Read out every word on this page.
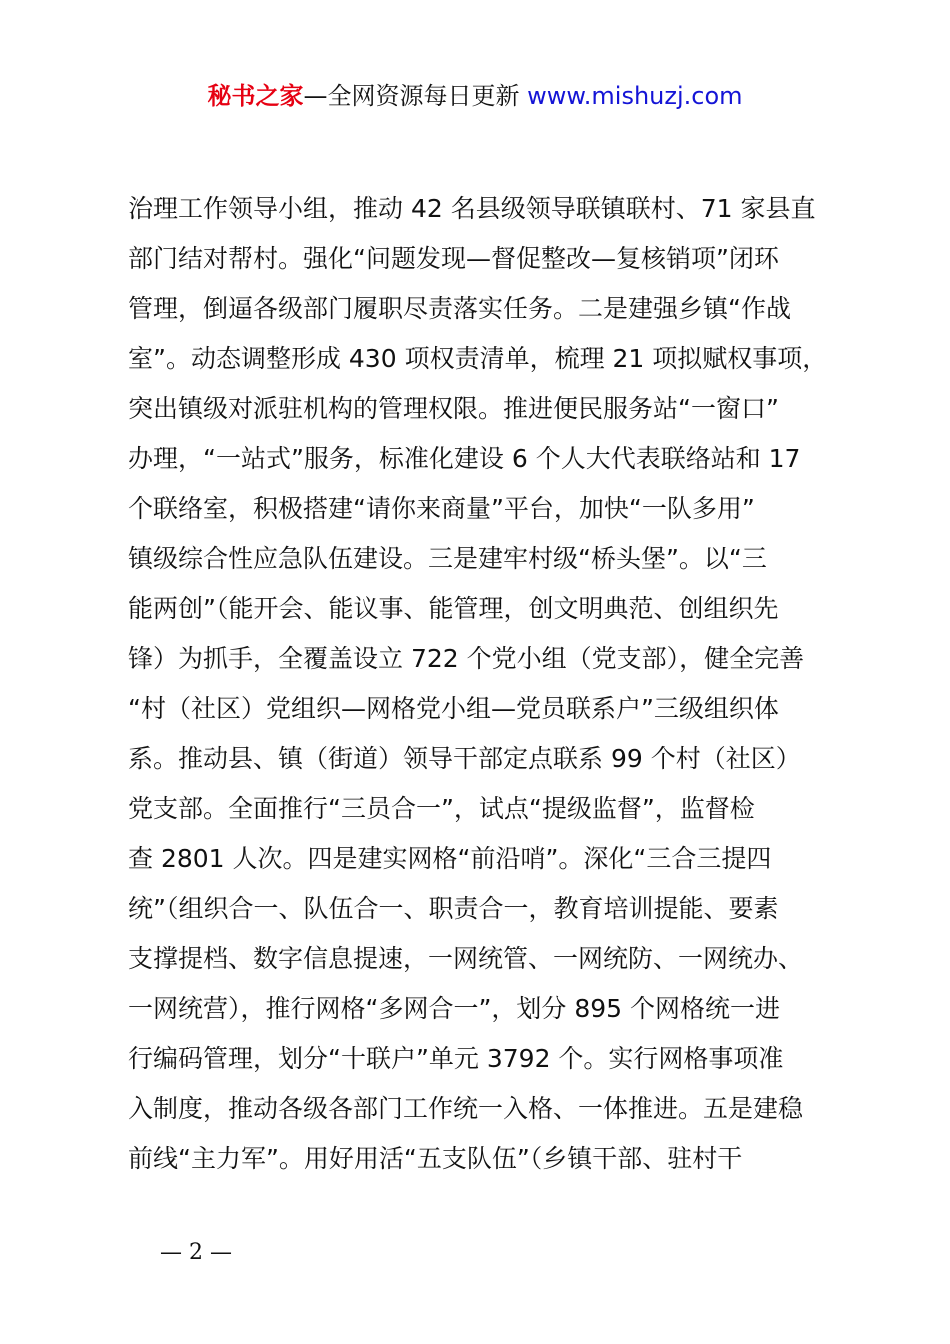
秘书之家—全网资源每日更新 www.mishuzj.com
治理工作领导小组，推动 42 名县级领导联镇联村、71 家县直
部门结对帮村。强化“问题发现—督促整改—复核销项”闭环
管理，倒逼各级部门履职尽责落实任务。二是建强乡镇“作战
室”。动态调整形成 430 项权责清单，梳理 21 项拟赋权事项，
突出镇级对派驻机构的管理权限。推进便民服务站“一窗口”
办理，“一站式”服务，标准化建设 6 个人大代表联络站和 17
个联络室，积极搭建“请你来商量”平台，加快“一队多用”
镇级综合性应急队伍建设。三是建牢村级“桥头堡”。以“三
能两创”（能开会、能议事、能管理，创文明典范、创组织先
锋）为抓手，全覆盖设立 722 个党小组（党支部），健全完善
“村（社区）党组织—网格党小组—党员联系户”三级组织体
系。推动县、镇（街道）领导干部定点联系 99 个村（社区）
党支部。全面推行“三员合一”，试点“提级监督”，监督检
查 2801 人次。四是建实网格“前沿哨”。深化“三合三提四
统”（组织合一、队伍合一、职责合一，教育培训提能、要素
支撑提档、数字信息提速，一网统管、一网统防、一网统办、
一网统营），推行网格“多网合一”，划分 895 个网格统一进
行编码管理，划分“十联户”单元 3792 个。实行网格事项准
入制度，推动各级各部门工作统一入格、一体推进。五是建稳
前线“主力军”。用好用活“五支队伍”（乡镇干部、驻村干
— 2 —
